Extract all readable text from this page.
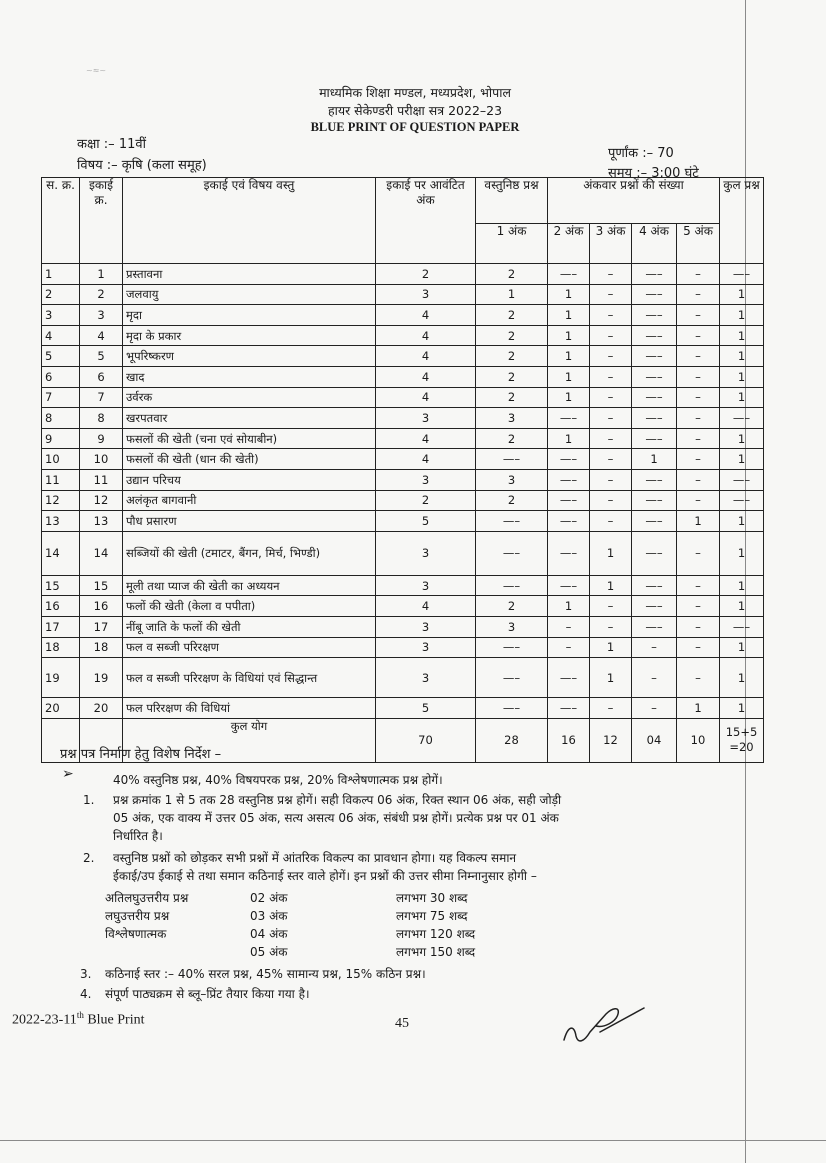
~≈~
माध्यमिक शिक्षा मण्डल, मध्यप्रदेश, भोपाल
हायर सेकेण्डरी परीक्षा सत्र 2022–23
BLUE PRINT OF QUESTION PAPER
कक्षा :– 11वीं
विषय :– कृषि (कला समूह)
पूर्णांक :– 70
समय :– 3:00 घंटे
स. क्र.	इकाई क्र.	इकाई एवं विषय वस्तु	इकाई पर आवंटित अंक	वस्तुनिष्ठ प्रश्न	अंकवार प्रश्नों की संख्या				कुल प्रश्न
				1 अंक	2 अंक	3 अंक	4 अंक	5 अंक	
1	1	प्रस्तावना	2	2	—–	–	—–	–	—–
2	2	जलवायु	3	1	1	–	—–	–	1
3	3	मृदा	4	2	1	–	—–	–	1
4	4	मृदा के प्रकार	4	2	1	–	—–	–	1
5	5	भूपरिष्करण	4	2	1	–	—–	–	1
6	6	खाद	4	2	1	–	—–	–	1
7	7	उर्वरक	4	2	1	–	—–	–	1
8	8	खरपतवार	3	3	—–	–	—–	–	—–
9	9	फसलों की खेती (चना एवं सोयाबीन)	4	2	1	–	—–	–	1
10	10	फसलों की खेती (धान की खेती)	4	—–	—–	–	1	–	1
11	11	उद्यान परिचय	3	3	—–	–	—–	–	—–
12	12	अलंकृत बागवानी	2	2	—–	–	—–	–	—–
13	13	पौध प्रसारण	5	—–	—–	–	—–	1	1
14	14	सब्जियों की खेती (टमाटर, बैंगन, मिर्च, भिण्डी)	3	—–	—–	1	—–	–	1
15	15	मूली तथा प्याज की खेती का अध्ययन	3	—–	—–	1	—–	–	1
16	16	फलों की खेती (केला व पपीता)	4	2	1	–	—–	–	1
17	17	नींबू जाति के फलों की खेती	3	3	–	–	—–	–	—–
18	18	फल व सब्जी परिरक्षण	3	—–	–	1	–	–	1
19	19	फल व सब्जी परिरक्षण के विधियां एवं सिद्धान्त	3	—–	—–	1	–	–	1
20	20	फल परिरक्षण की विधियां	5	—–	—–	–	–	1	1
		कुल योग	70	28	16	12	04	10	15+5
=20
प्रश्न पत्र निर्माण हेतु विशेष निर्देश –
➢	40% वस्तुनिष्ठ प्रश्न, 40% विषयपरक प्रश्न, 20% विश्लेषणात्मक प्रश्न होगें।
1. प्रश्न क्रमांक 1 से 5 तक 28 वस्तुनिष्ठ प्रश्न होगें। सही विकल्प 06 अंक, रिक्त स्थान 06 अंक, सही जोड़ी
05 अंक, एक वाक्य में उत्तर 05 अंक, सत्य असत्य 06 अंक, संबंधी प्रश्न होगें। प्रत्येक प्रश्न पर 01 अंक
निर्धारित है।
2. वस्तुनिष्ठ प्रश्नों को छोड़कर सभी प्रश्नों में आंतरिक विकल्प का प्रावधान होगा। यह विकल्प समान
ईकाई/उप ईकाई से तथा समान कठिनाई स्तर वाले होगें। इन प्रश्नों की उत्तर सीमा निम्नानुसार होगी –
अतिलघुउत्तरीय प्रश्न	02 अंक	लगभग 30 शब्द
लघुउत्तरीय प्रश्न	03 अंक	लगभग 75 शब्द
विश्लेषणात्मक	04 अंक	लगभग 120 शब्द
05 अंक	लगभग 150 शब्द
3. कठिनाई स्तर :– 40% सरल प्रश्न, 45% सामान्य प्रश्न, 15% कठिन प्रश्न।
4. संपूर्ण पाठ्यक्रम से ब्लू–प्रिंट तैयार किया गया है।
2022-23-11th Blue Print	45
